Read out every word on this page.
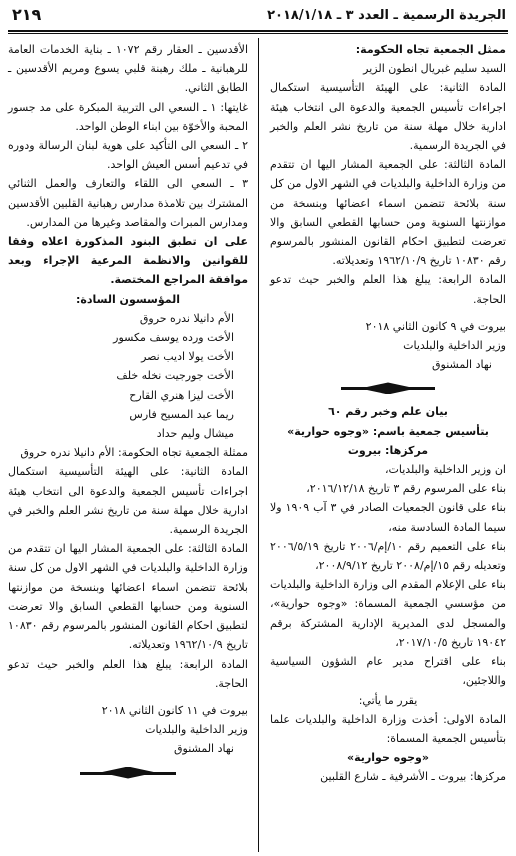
الجريدة الرسمية ـ العدد ٣ ـ ٢٠١٨/١/١٨
٢١٩

ممثل الجمعية تجاه الحكومة:

السيد سليم غبريال انطون الزير

المادة الثانية: على الهيئة التأسيسية استكمال اجراءات تأسيس الجمعية والدعوة الى انتخاب هيئة ادارية خلال مهلة سنة من تاريخ نشر العلم والخبر في الجريدة الرسمية.

المادة الثالثة: على الجمعية المشار اليها ان تتقدم من وزارة الداخلية والبلديات في الشهر الاول من كل سنة بلائحة تتضمن اسماء اعضائها وبنسخة من موازنتها السنوية ومن حسابها القطعي السابق والا تعرضت لتطبيق احكام القانون المنشور بالمرسوم رقم ١٠٨٣٠ تاريخ ١٩٦٢/١٠/٩ وتعديلاته.

المادة الرابعة: يبلغ هذا العلم والخبر حيث تدعو الحاجة.

بيروت في ٩ كانون الثاني ٢٠١٨

وزير الداخلية والبلديات

نهاد المشنوق

بيان علم وخبر رقم ٦٠

بتأسيس جمعية باسم: «وجوه حوارية»

مركزها: بيروت

ان وزير الداخلية والبلديات،

بناء على المرسوم رقم ٣ تاريخ ٢٠١٦/١٢/١٨،

بناء على قانون الجمعيات الصادر في ٣ آب ١٩٠٩ ولا سيما المادة السادسة منه،

بناء على التعميم رقم ١٠/إم/٢٠٠٦ تاريخ ٢٠٠٦/٥/١٩ وتعديله رقم ١٥/إم/٢٠٠٨ تاريخ ٢٠٠٨/٩/١٢،

بناء على الإعلام المقدم الى وزارة الداخلية والبلديات من مؤسسي الجمعية المسماة: «وجوه حوارية»، والمسجل لدى المديرية الإدارية المشتركة برقم ١٩٠٤٢ تاريخ ٢٠١٧/١٠/٥،

بناء على اقتراح مدير عام الشؤون السياسية واللاجئين،

يقرر ما يأتي:

المادة الاولى: أخذت وزارة الداخلية والبلديات علما بتأسيس الجمعية المسماة:

«وجوه حوارية»

مركزها: بيروت ـ الأشرفية ـ شارع القلبين

الأقدسين ـ العقار رقم ١٠٧٢ ـ بناية الخدمات العامة للرهبانية ـ ملك رهبنة قلبي يسوع ومريم الأقدسين ـ الطابق الثاني.

غايتها: ١ ـ السعي الى التربية المبكرة على مد جسور المحبة والأخوّة بين ابناء الوطن الواحد.

٢ ـ السعي الى التأكيد على هوية لبنان الرسالة ودوره في تدعيم أسس العيش الواحد.

٣ ـ السعي الى اللقاء والتعارف والعمل الثنائي المشترك بين تلامذة مدارس رهبانية القلبين الأقدسين ومدارس المبرات والمقاصد وغيرها من المدارس.

على ان تطبق البنود المذكورة اعلاه وفقا للقوانين والانظمة المرعية الإجراء وبعد موافقة المراجع المختصة.

المؤسسون السادة:

الأم دانيلا ندره حروق

الأخت ورده يوسف مكسور

الأخت يولا اديب نصر

الأخت جورجيت نخله خلف

الأخت ليزا هنري القارح

ريما عبد المسيح فارس

ميشال وليم حداد

ممثلة الجمعية تجاه الحكومة: الأم دانيلا ندره حروق

المادة الثانية: على الهيئة التأسيسية استكمال اجراءات تأسيس الجمعية والدعوة الى انتخاب هيئة ادارية خلال مهلة سنة من تاريخ نشر العلم والخبر في الجريدة الرسمية.

المادة الثالثة: على الجمعية المشار اليها ان تتقدم من وزارة الداخلية والبلديات في الشهر الاول من كل سنة بلائحة تتضمن اسماء اعضائها وبنسخة من موازنتها السنوية ومن حسابها القطعي السابق والا تعرضت لتطبيق احكام القانون المنشور بالمرسوم رقم ١٠٨٣٠ تاريخ ١٩٦٢/١٠/٩ وتعديلاته.

المادة الرابعة: يبلغ هذا العلم والخبر حيث تدعو الحاجة.

بيروت في ١١ كانون الثاني ٢٠١٨

وزير الداخلية والبلديات

نهاد المشنوق
